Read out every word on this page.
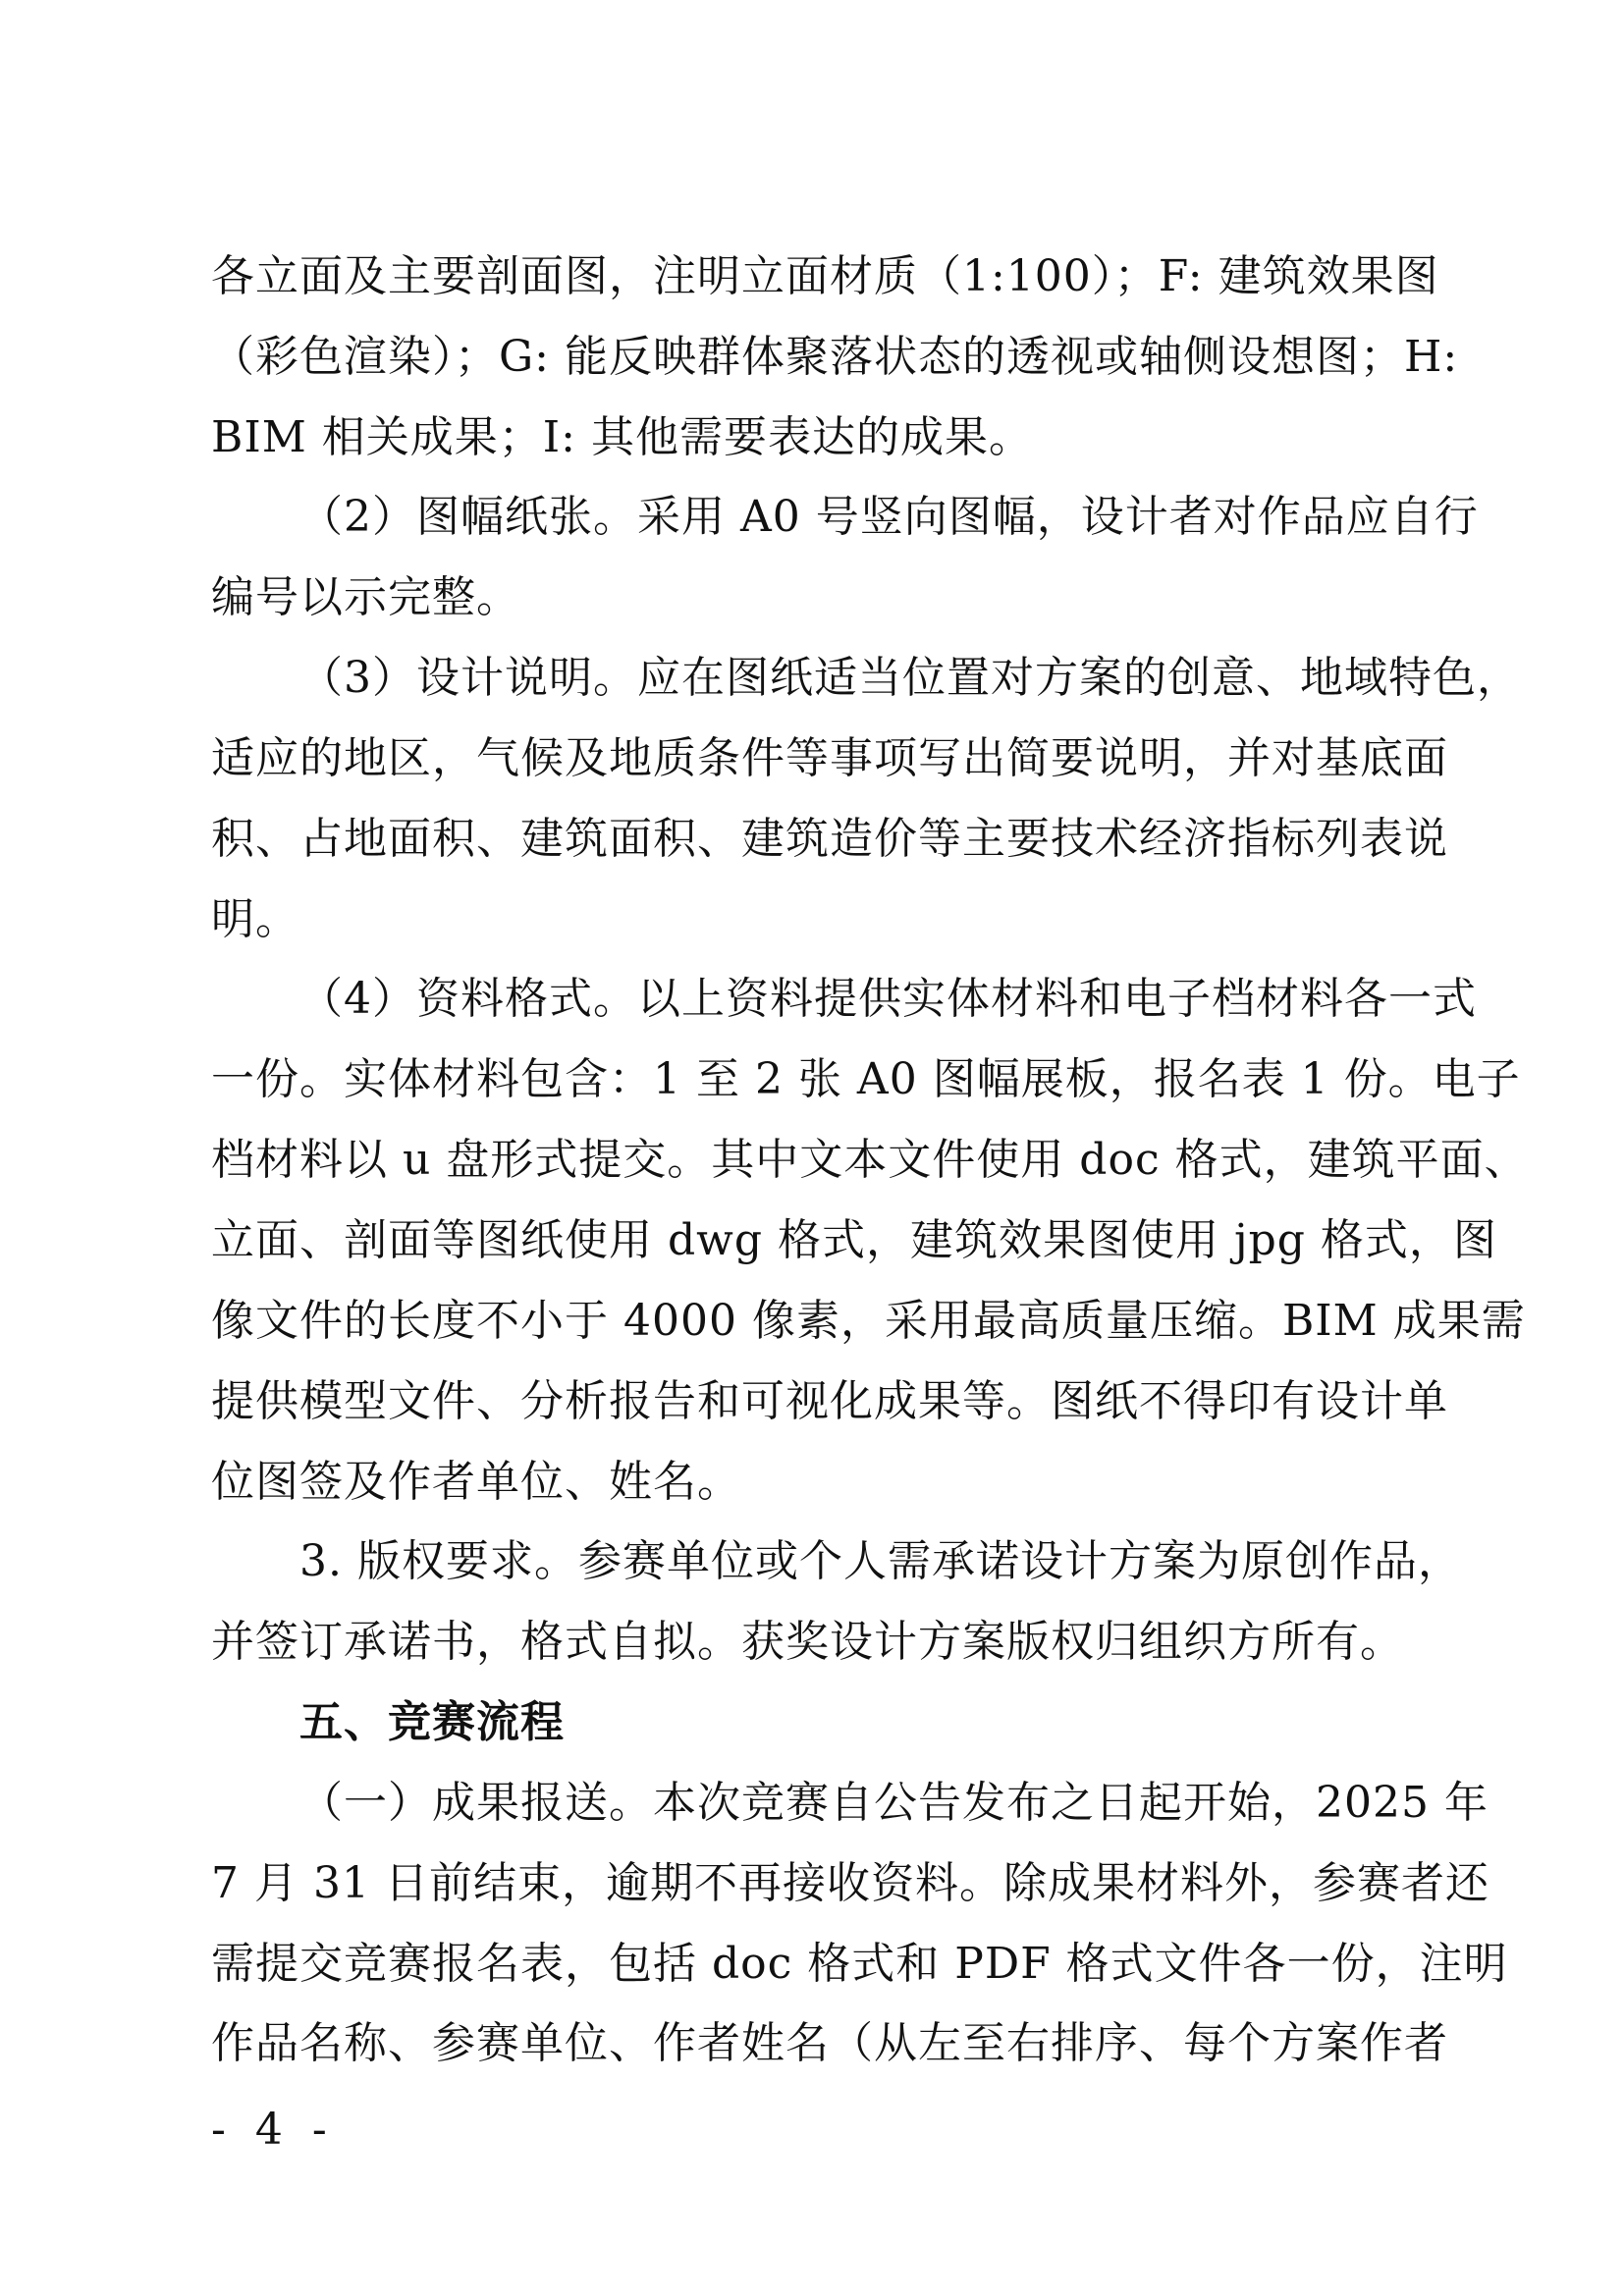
各立面及主要剖面图，注明立面材质（1:100）；F: 建筑效果图
（彩色渲染）；G: 能反映群体聚落状态的透视或轴侧设想图；H:
BIM 相关成果；I: 其他需要表达的成果。
（2）图幅纸张。采用 A0 号竖向图幅，设计者对作品应自行
编号以示完整。
（3）设计说明。应在图纸适当位置对方案的创意、地域特色，
适应的地区，气候及地质条件等事项写出简要说明，并对基底面
积、占地面积、建筑面积、建筑造价等主要技术经济指标列表说
明。
（4）资料格式。以上资料提供实体材料和电子档材料各一式
一份。实体材料包含：1 至 2 张 A0 图幅展板，报名表 1 份。电子
档材料以 u 盘形式提交。其中文本文件使用 doc 格式，建筑平面、
立面、剖面等图纸使用 dwg 格式，建筑效果图使用 jpg 格式，图
像文件的长度不小于 4000 像素，采用最高质量压缩。BIM 成果需
提供模型文件、分析报告和可视化成果等。图纸不得印有设计单
位图签及作者单位、姓名。
3. 版权要求。参赛单位或个人需承诺设计方案为原创作品，
并签订承诺书，格式自拟。获奖设计方案版权归组织方所有。
五、竞赛流程
（一）成果报送。本次竞赛自公告发布之日起开始，2025 年
7 月 31 日前结束，逾期不再接收资料。除成果材料外，参赛者还
需提交竞赛报名表，包括 doc 格式和 PDF 格式文件各一份，注明
作品名称、参赛单位、作者姓名（从左至右排序、每个方案作者
- 4 -
